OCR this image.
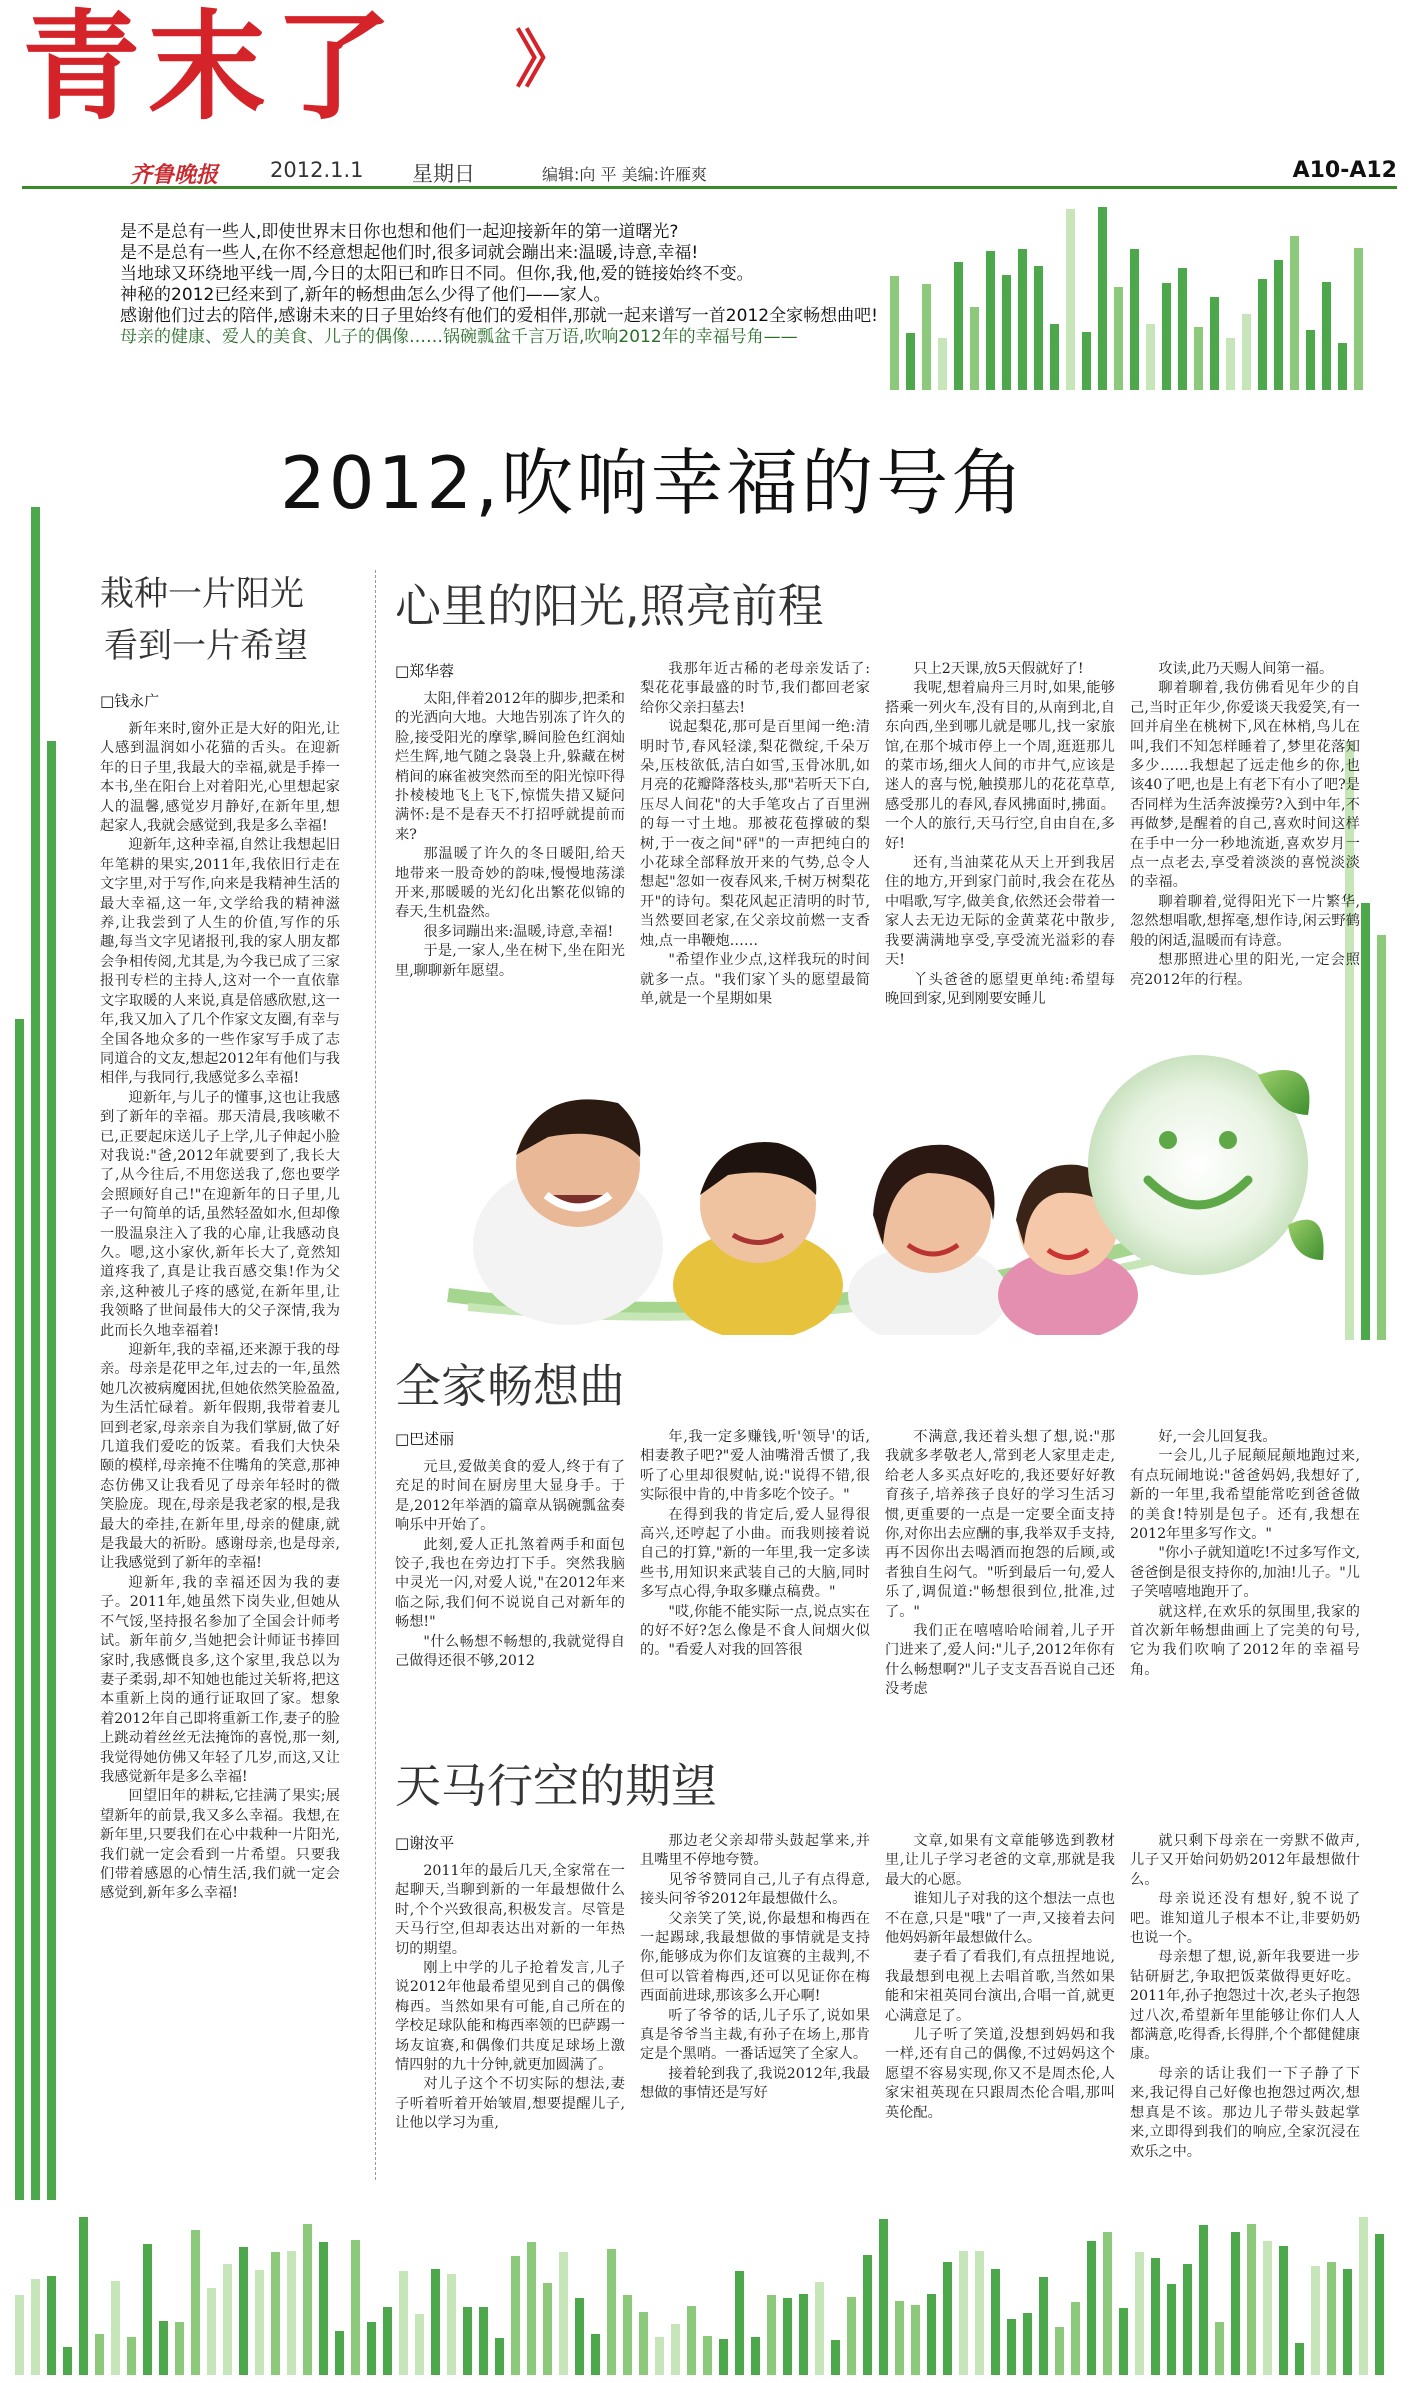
青末了 》
齐鲁晚报 2012.1.1 星期日	编辑:向 平 美编:许雁爽	A10-A12
是不是总有一些人,即使世界末日你也想和他们一起迎接新年的第一道曙光?
是不是总有一些人,在你不经意想起他们时,很多词就会蹦出来:温暖,诗意,幸福!
当地球又环绕地平线一周,今日的太阳已和昨日不同。但你,我,他,爱的链接始终不变。
神秘的2012已经来到了,新年的畅想曲怎么少得了他们——家人。
感谢他们过去的陪伴,感谢未来的日子里始终有他们的爱相伴,那就一起来谱写一首2012全家畅想曲吧!
母亲的健康、爱人的美食、儿子的偶像……锅碗瓢盆千言万语,吹响2012年的幸福号角——
2012,吹响幸福的号角
栽种一片阳光
看到一片希望
□钱永广

新年来时,窗外正是大好的阳光,让人感到温润如小花猫的舌头。在迎新年的日子里,我最大的幸福,就是手捧一本书,坐在阳台上对着阳光,心里想起家人的温馨,感觉岁月静好,在新年里,想起家人,我就会感觉到,我是多么幸福!

迎新年,这种幸福,自然让我想起旧年笔耕的果实,2011年,我依旧行走在文字里,对于写作,向来是我精神生活的最大幸福,这一年,文学给我的精神滋养,让我尝到了人生的价值,写作的乐趣,每当文字见诸报刊,我的家人朋友都会争相传阅,尤其是,为今我已成了三家报刊专栏的主持人,这对一个一直依靠文字取暖的人来说,真是倍感欣慰,这一年,我又加入了几个作家文友圈,有幸与全国各地众多的一些作家写手成了志同道合的文友,想起2012年有他们与我相伴,与我同行,我感觉多么幸福!

迎新年,与儿子的懂事,这也让我感到了新年的幸福。那天清晨,我咳嗽不已,正要起床送儿子上学,儿子伸起小脸对我说:"爸,2012年就要到了,我长大了,从今往后,不用您送我了,您也要学会照顾好自己!"在迎新年的日子里,儿子一句简单的话,虽然轻盈如水,但却像一股温泉注入了我的心扉,让我感动良久。嗯,这小家伙,新年长大了,竟然知道疼我了,真是让我百感交集!作为父亲,这种被儿子疼的感觉,在新年里,让我领略了世间最伟大的父子深情,我为此而长久地幸福着!

迎新年,我的幸福,还来源于我的母亲。母亲是花甲之年,过去的一年,虽然她几次被病魔困扰,但她依然笑脸盈盈,为生活忙碌着。新年假期,我带着妻儿回到老家,母亲亲自为我们掌厨,做了好几道我们爱吃的饭菜。看我们大快朵颐的模样,母亲掩不住嘴角的笑意,那神态仿佛又让我看见了母亲年轻时的微笑脸庞。现在,母亲是我老家的根,是我最大的牵挂,在新年里,母亲的健康,就是我最大的祈盼。感谢母亲,也是母亲,让我感觉到了新年的幸福!

迎新年,我的幸福还因为我的妻子。2011年,她虽然下岗失业,但她从不气馁,坚持报名参加了全国会计师考试。新年前夕,当她把会计师证书捧回家时,我感慨良多,这个家里,我总以为妻子柔弱,却不知她也能过关斩将,把这本重新上岗的通行证取回了家。想象着2012年自己即将重新工作,妻子的脸上跳动着丝丝无法掩饰的喜悦,那一刻,我觉得她仿佛又年轻了几岁,而这,又让我感觉新年是多么幸福!

回望旧年的耕耘,它挂满了果实;展望新年的前景,我又多么幸福。我想,在新年里,只要我们在心中栽种一片阳光,我们就一定会看到一片希望。只要我们带着感恩的心情生活,我们就一定会感觉到,新年多么幸福!

心里的阳光,照亮前程
□郑华蓉

太阳,伴着2012年的脚步,把柔和的光洒向大地。大地告别冻了许久的脸,接受阳光的摩挲,瞬间脸色红润灿烂生辉,地气随之袅袅上升,躲藏在树梢间的麻雀被突然而至的阳光惊吓得扑棱棱地飞上飞下,惊慌失措又疑问满怀:是不是春天不打招呼就提前而来?

那温暖了许久的冬日暖阳,给天地带来一股奇妙的韵味,慢慢地荡漾开来,那暖暖的光幻化出繁花似锦的春天,生机盎然。

很多词蹦出来:温暖,诗意,幸福!

于是,一家人,坐在树下,坐在阳光里,聊聊新年愿望。

我那年近古稀的老母亲发话了:梨花花事最盛的时节,我们都回老家给你父亲扫墓去!

说起梨花,那可是百里闻一绝:清明时节,春风轻漾,梨花微绽,千朵万朵,压枝欲低,洁白如雪,玉骨冰肌,如月亮的花瓣降落枝头,那"若听天下白,压尽人间花"的大手笔攻占了百里洲的每一寸土地。那被花苞撑破的梨树,于一夜之间"砰"的一声把纯白的小花球全部释放开来的气势,总令人想起"忽如一夜春风来,千树万树梨花开"的诗句。梨花风起正清明的时节,当然要回老家,在父亲坟前燃一支香烛,点一串鞭炮……

"希望作业少点,这样我玩的时间就多一点。"我们家丫头的愿望最简单,就是一个星期如果

只上2天课,放5天假就好了!

我呢,想着扁舟三月时,如果,能够搭乘一列火车,没有目的,从南到北,自东向西,坐到哪儿就是哪儿,找一家旅馆,在那个城市停上一个周,逛逛那儿的菜市场,细火人间的市井气,应该是迷人的喜与悦,触摸那儿的花花草草,感受那儿的春风,春风拂面时,拂面。一个人的旅行,天马行空,自由自在,多好!

还有,当油菜花从天上开到我居住的地方,开到家门前时,我会在花丛中唱歌,写字,做美食,依然还会带着一家人去无边无际的金黄菜花中散步,我要满满地享受,享受流光溢彩的春天!

丫头爸爸的愿望更单纯:希望每晚回到家,见到刚要安睡儿

攻读,此乃天赐人间第一福。

聊着聊着,我仿佛看见年少的自己,当时正年少,你爱谈天我爱笑,有一回并肩坐在桃树下,风在林梢,鸟儿在叫,我们不知怎样睡着了,梦里花落知多少……我想起了远走他乡的你,也该40了吧,也是上有老下有小了吧?是否同样为生活奔波操劳?入到中年,不再做梦,是醒着的自己,喜欢时间这样在手中一分一秒地流逝,喜欢岁月一点一点老去,享受着淡淡的喜悦淡淡的幸福。

聊着聊着,觉得阳光下一片繁华,忽然想唱歌,想挥毫,想作诗,闲云野鹤般的闲适,温暖而有诗意。

想那照进心里的阳光,一定会照亮2012年的行程。

全家畅想曲
□巴述丽

元旦,爱做美食的爱人,终于有了充足的时间在厨房里大显身手。于是,2012年举酒的篇章从锅碗瓢盆奏响乐中开始了。

此刻,爱人正扎煞着两手和面包饺子,我也在旁边打下手。突然我脑中灵光一闪,对爱人说,"在2012年来临之际,我们何不说说自己对新年的畅想!"

"什么畅想不畅想的,我就觉得自己做得还很不够,2012

年,我一定多赚钱,听'领导'的话,相妻教子吧?"爱人油嘴滑舌惯了,我听了心里却很熨帖,说:"说得不错,很实际很中肯的,中肯多吃个饺子。"

在得到我的肯定后,爱人显得很高兴,还哼起了小曲。而我则接着说自己的打算,"新的一年里,我一定多读些书,用知识来武装自己的大脑,同时多写点心得,争取多赚点稿费。"

"哎,你能不能实际一点,说点实在的好不好?怎么像是不食人间烟火似的。"看爱人对我的回答很

不满意,我还着头想了想,说:"那我就多孝敬老人,常到老人家里走走,给老人多买点好吃的,我还要好好教育孩子,培养孩子良好的学习生活习惯,更重要的一点是一定要全面支持你,对你出去应酬的事,我举双手支持,再不因你出去喝酒而抱怨的后顾,或者独自生闷气。"听到最后一句,爱人乐了,调侃道:"畅想很到位,批准,过了。"

我们正在嘻嘻哈哈闹着,儿子开门进来了,爱人问:"儿子,2012年你有什么畅想啊?"儿子支支吾吾说自己还没考虑

好,一会儿回复我。

一会儿,儿子屁颠屁颠地跑过来,有点玩闹地说:"爸爸妈妈,我想好了,新的一年里,我希望能常吃到爸爸做的美食!特别是包子。还有,我想在2012年里多写作文。"

"你小子就知道吃!不过多写作文,爸爸倒是很支持你的,加油!儿子。"儿子笑嘻嘻地跑开了。

就这样,在欢乐的氛围里,我家的首次新年畅想曲画上了完美的句号,它为我们吹响了2012年的幸福号角。

天马行空的期望
□谢汝平

2011年的最后几天,全家常在一起聊天,当聊到新的一年最想做什么时,个个兴致很高,积极发言。尽管是天马行空,但却表达出对新的一年热切的期望。

刚上中学的儿子抢着发言,儿子说2012年他最希望见到自己的偶像梅西。当然如果有可能,自己所在的学校足球队能和梅西率领的巴萨踢一场友谊赛,和偶像们共度足球场上激情四射的九十分钟,就更加圆满了。

对儿子这个不切实际的想法,妻子听着听着开始皱眉,想要提醒儿子,让他以学习为重,

那边老父亲却带头鼓起掌来,并且嘴里不停地夸赞。

见爷爷赞同自己,儿子有点得意,接头问爷爷2012年最想做什么。

父亲笑了笑,说,你最想和梅西在一起踢球,我最想做的事情就是支持你,能够成为你们友谊赛的主裁判,不但可以管着梅西,还可以见证你在梅西面前进球,那该多么开心啊!

听了爷爷的话,儿子乐了,说如果真是爷爷当主裁,有孙子在场上,那肯定是个黑哨。一番话逗笑了全家人。

接着轮到我了,我说2012年,我最想做的事情还是写好

文章,如果有文章能够选到教材里,让儿子学习老爸的文章,那就是我最大的心愿。

谁知儿子对我的这个想法一点也不在意,只是"哦"了一声,又接着去问他妈妈新年最想做什么。

妻子看了看我们,有点扭捏地说,我最想到电视上去唱首歌,当然如果能和宋祖英同台演出,合唱一首,就更心满意足了。

儿子听了笑道,没想到妈妈和我一样,还有自己的偶像,不过妈妈这个愿望不容易实现,你又不是周杰伦,人家宋祖英现在只跟周杰伦合唱,那叫英伦配。

就只剩下母亲在一旁默不做声,儿子又开始问奶奶2012年最想做什么。

母亲说还没有想好,貌不说了吧。谁知道儿子根本不让,非要奶奶也说一个。

母亲想了想,说,新年我要进一步钻研厨艺,争取把饭菜做得更好吃。2011年,孙子抱怨过十次,老头子抱怨过八次,希望新年里能够让你们人人都满意,吃得香,长得胖,个个都健健康康。

母亲的话让我们一下子静了下来,我记得自己好像也抱怨过两次,想想真是不该。那边儿子带头鼓起掌来,立即得到我们的响应,全家沉浸在欢乐之中。
